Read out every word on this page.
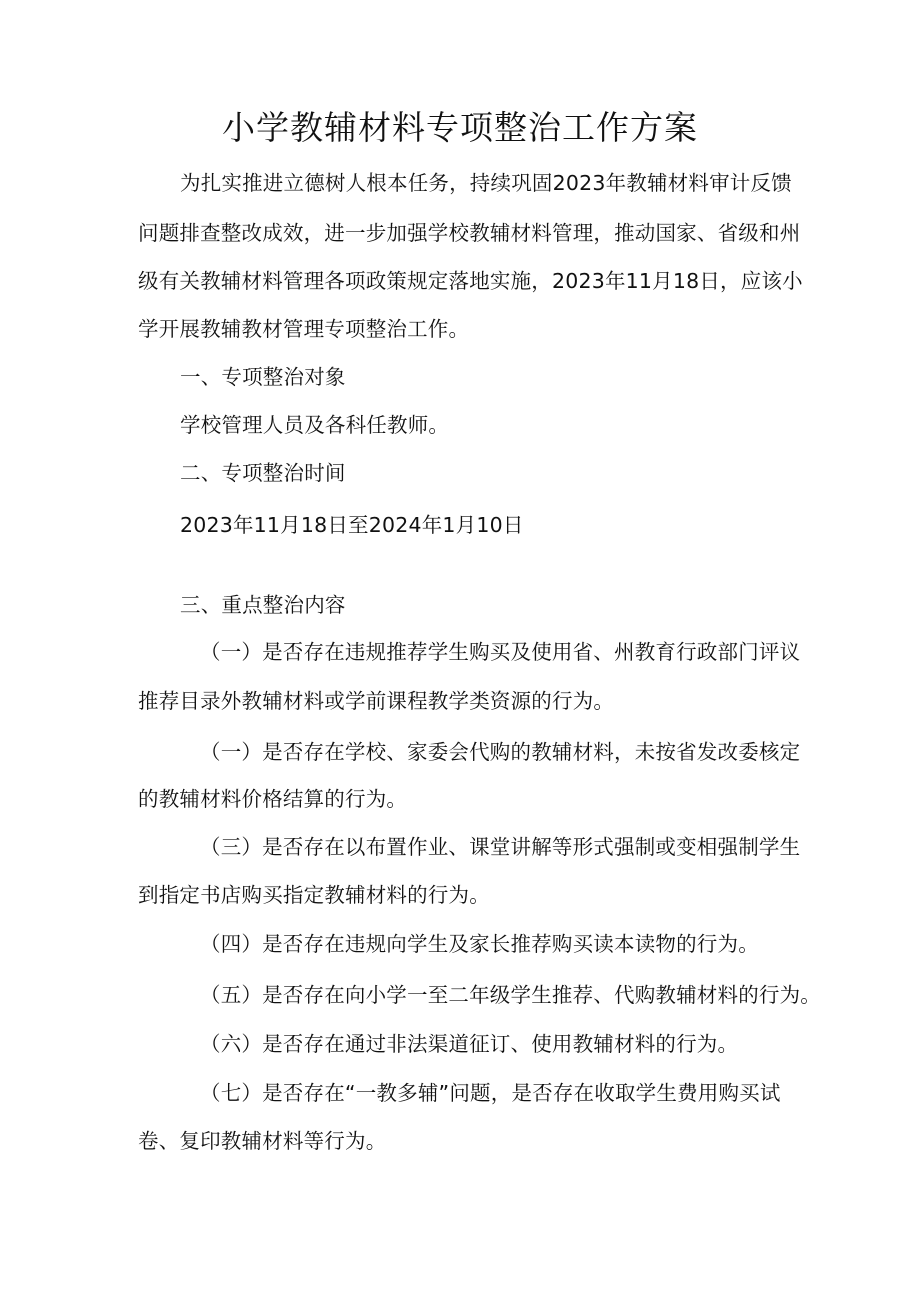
小学教辅材料专项整治工作方案

为扎实推进立德树人根本任务，持续巩固2023年教辅材料审计反馈

问题排查整改成效，进一步加强学校教辅材料管理，推动国家、省级和州

级有关教辅材料管理各项政策规定落地实施，2023年11月18日，应该小

学开展教辅教材管理专项整治工作。

一、专项整治对象

学校管理人员及各科任教师。

二、专项整治时间

2023年11月18日至2024年1月10日

三、重点整治内容

（一）是否存在违规推荐学生购买及使用省、州教育行政部门评议

推荐目录外教辅材料或学前课程教学类资源的行为。

（一）是否存在学校、家委会代购的教辅材料，未按省发改委核定

的教辅材料价格结算的行为。

（三）是否存在以布置作业、课堂讲解等形式强制或变相强制学生

到指定书店购买指定教辅材料的行为。

（四）是否存在违规向学生及家长推荐购买读本读物的行为。

（五）是否存在向小学一至二年级学生推荐、代购教辅材料的行为。

（六）是否存在通过非法渠道征订、使用教辅材料的行为。

（七）是否存在“一教多辅”问题，是否存在收取学生费用购买试

卷、复印教辅材料等行为。
